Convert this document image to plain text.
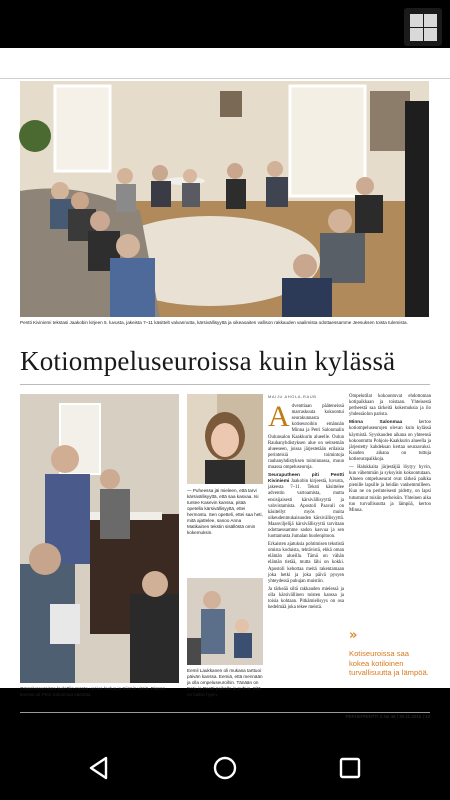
Pentti Kiviniemi tekstasi Jaakobin kirjeen 5. luvusta, jakeista 7–11 käsittelt valvannutta, kärsivällisyyttä ja oikeaoaiten vallison rakkauden vaalimista odottaessamme Jeesuksen toista tulemista.
Kotiompeluseuroissa kuin kylässä
Ompeluseuroissa laulettiin monta uusiua laulua ja Siionin virsiä. Pianon kanssa oli Petri Salonmaa säestää.
— Puheessa jäi mieleen, että tarvi kärsivällisyyttä, että saa kasvaa. Isi tuntee Kasevin kanssa, pitää opetella kärsivällisyyttä, ettei hermostu. Sen opetteli, ettei saa heti, mitä ajattelee, sanoo Anna Matikainen tekstin sisällöstä omin kokemuksin.
Eemil Laukkanen oli mukana tarttuoi päivän kanssa. Eemiä, että mennään ja olla ompeluseuroihin. Tänään on Eetu-ja Pentti paikalla ja puhua. Sitä on kaikki hyvin.
MAIJU AHOLA-RAUB
A dventtiaan pääteneissä marraskuuta kokoontui seurakunnasta kotiseuroihin emännän Minna ja Petri Salonmalin Oulunsalon Kaakkurin alueelle. Oulun Rauhanyhdistyksen alue on seitsemän alueeseen, joissa järjestetään erilaisia perinteisiä toimintoja rauhanyhdistyksen toiminnassa, muun muassa ompeluseuroja.

Seuraputheen piti Pentti Kiviniemi Jaakobin kirjeestä, luvusta, jakeesta 7–11. Teksti käsittelee adventin vartoamista, mutta ensisijaisesti kärsivällisyyttä ja vahvistamista. Apostoli Paavali on käsitellyt myös muita oikeudenmukaisuuden kärsivällisyyttä. Maanviljelijä kärsivällisyyttä tarvitaan odottaessamme sadon kasvua ja sen luottamusta Jumalan huolenpitoon.

Erkaisten ajatuksia pohtimisen tekstistä omista koduista, tehtävistä, ehkä oman elämän alueilla. Tämä on vähän elämän tietää, mutta lähi on kokki. Apostoli kehottaa meitä rakentamaan joka hetki ja joka päivä pysyen yhteydessä puhujan muistiin.

Ja tärkeää siltä rakkauden mielessä ja olla kärsivällinen toisten kanssa ja toisia kohtaan. Pitkämielisyys on osa hedelmää joka tekee meistä.

Ompelutilat kokoontuvat ehdottoman kotipaikkaan ja toistaan. Yhteisestä perheestä saa tärkeitä kokemuksia ja ilo yhdessäolon parista.

Minna Salonmaa	kertoo kotiompeluseurojen olevan kuin kylässä käymistä. Syyskauden aikana on yhteensä kokoontuttu Pohjois-Kaakkurin alueella ja järjestetty kahdeksan kertaa seuraavaksi. Kauden aikana on tuttuja kotiseurapaikkoja.

— Halukkaita järjestäjiä löytyy hyvin, kun vähemmän ja syksyisin kokoontutaan. Alueen ompeluseurat ovat tärkeä paikka pienille lapsille ja heidän vanhemmilleen. Kun ne on perinteisesti pidetty, on lapsi tutustunut toisiin perheisiin. Yhteinen aika tuo turvallisuutta ja lämpöä, kertoo Minna.

»
Kotiseuroissa saa kokea kotiloinen turvallisuutta ja lämpöä.
PERHEPRINTTI 3 No 48 | 30.11.2016 | 13
